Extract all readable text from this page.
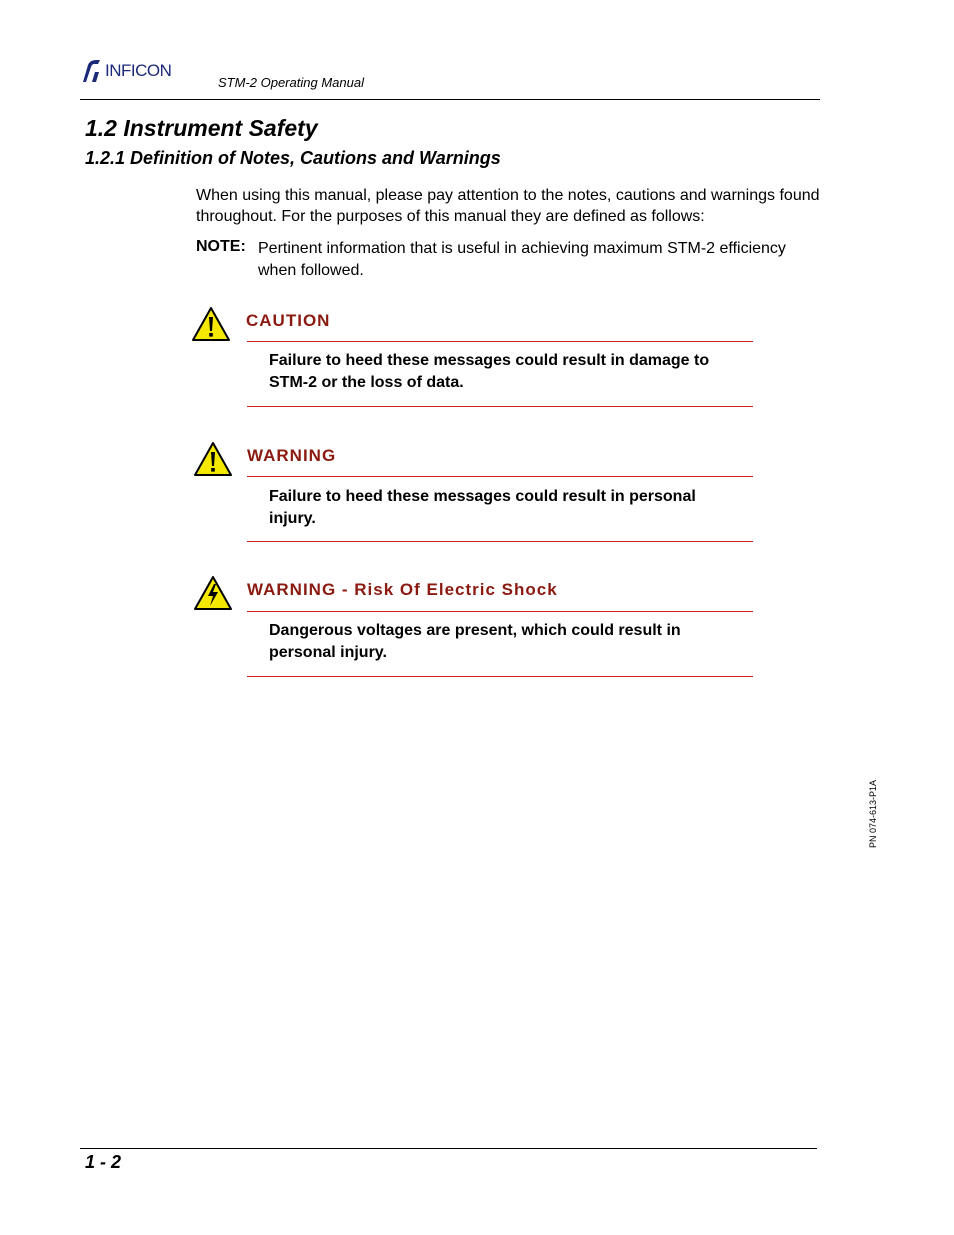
INFICON
STM-2 Operating Manual
1.2 Instrument Safety
1.2.1 Definition of Notes, Cautions and Warnings

When using this manual, please pay attention to the notes, cautions and warnings found throughout. For the purposes of this manual they are defined as follows:

NOTE: Pertinent information that is useful in achieving maximum STM-2 efficiency when followed.

CAUTION

Failure to heed these messages could result in damage to STM-2 or the loss of data.

WARNING

Failure to heed these messages could result in personal injury.

WARNING - Risk Of Electric Shock

Dangerous voltages are present, which could result in personal injury.

PN 074-613-P1A
1 - 2
